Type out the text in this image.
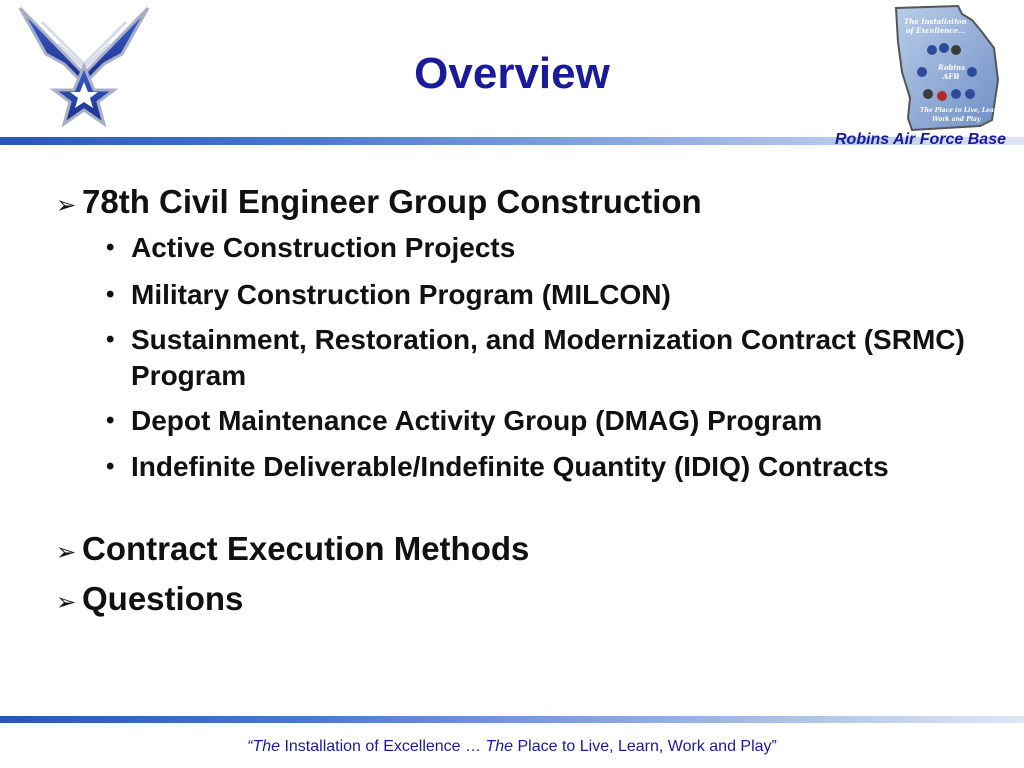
Overview
The Installation
of Excellence...
Robins
AFB
The Place to Live, Learn,
Work and Play
Robins Air Force Base
➢ 78th Civil Engineer Group Construction
• Active Construction Projects
• Military Construction Program (MILCON)
• Sustainment, Restoration, and Modernization Contract (SRMC) Program
• Depot Maintenance Activity Group (DMAG) Program
• Indefinite Deliverable/Indefinite Quantity (IDIQ) Contracts
➢ Contract Execution Methods
➢ Questions
“The Installation of Excellence … The Place to Live, Learn, Work and Play”
